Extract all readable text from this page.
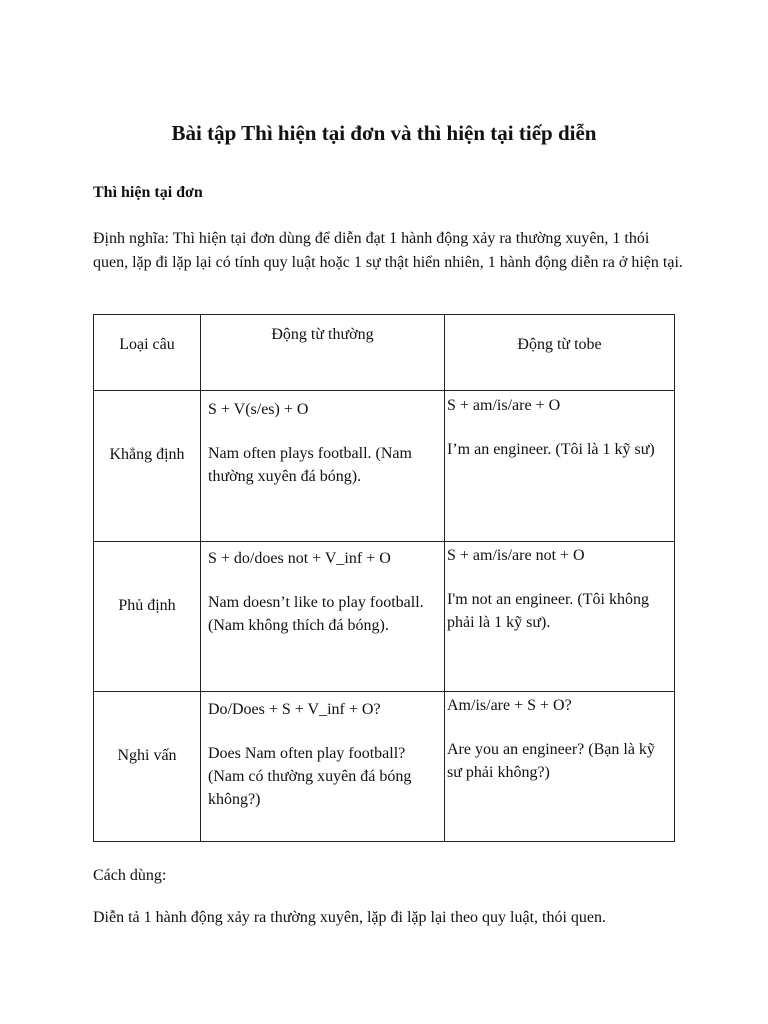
Bài tập Thì hiện tại đơn và thì hiện tại tiếp diễn
Thì hiện tại đơn

Định nghĩa: Thì hiện tại đơn dùng để diễn đạt 1 hành động xảy ra thường xuyên, 1 thói quen, lặp đi lặp lại có tính quy luật hoặc 1 sự thật hiển nhiên, 1 hành động diễn ra ở hiện tại.

Loại câu
Động từ thường
Động từ tobe
Khẳng định

S + V(s/es) + O

Nam often plays football. (Nam thường xuyên đá bóng).

S + am/is/are + O

I’m an engineer. (Tôi là 1 kỹ sư)

Phủ định

S + do/does not + V_inf + O

Nam doesn’t like to play football. (Nam không thích đá bóng).

S + am/is/are not + O

I'm not an engineer. (Tôi không phải là 1 kỹ sư).

Nghi vấn

Do/Does + S + V_inf + O?

Does Nam often play football? (Nam có thường xuyên đá bóng không?)

Am/is/are + S + O?

Are you an engineer? (Bạn là kỹ sư phải không?)

Cách dùng:

Diễn tả 1 hành động xảy ra thường xuyên, lặp đi lặp lại theo quy luật, thói quen.
